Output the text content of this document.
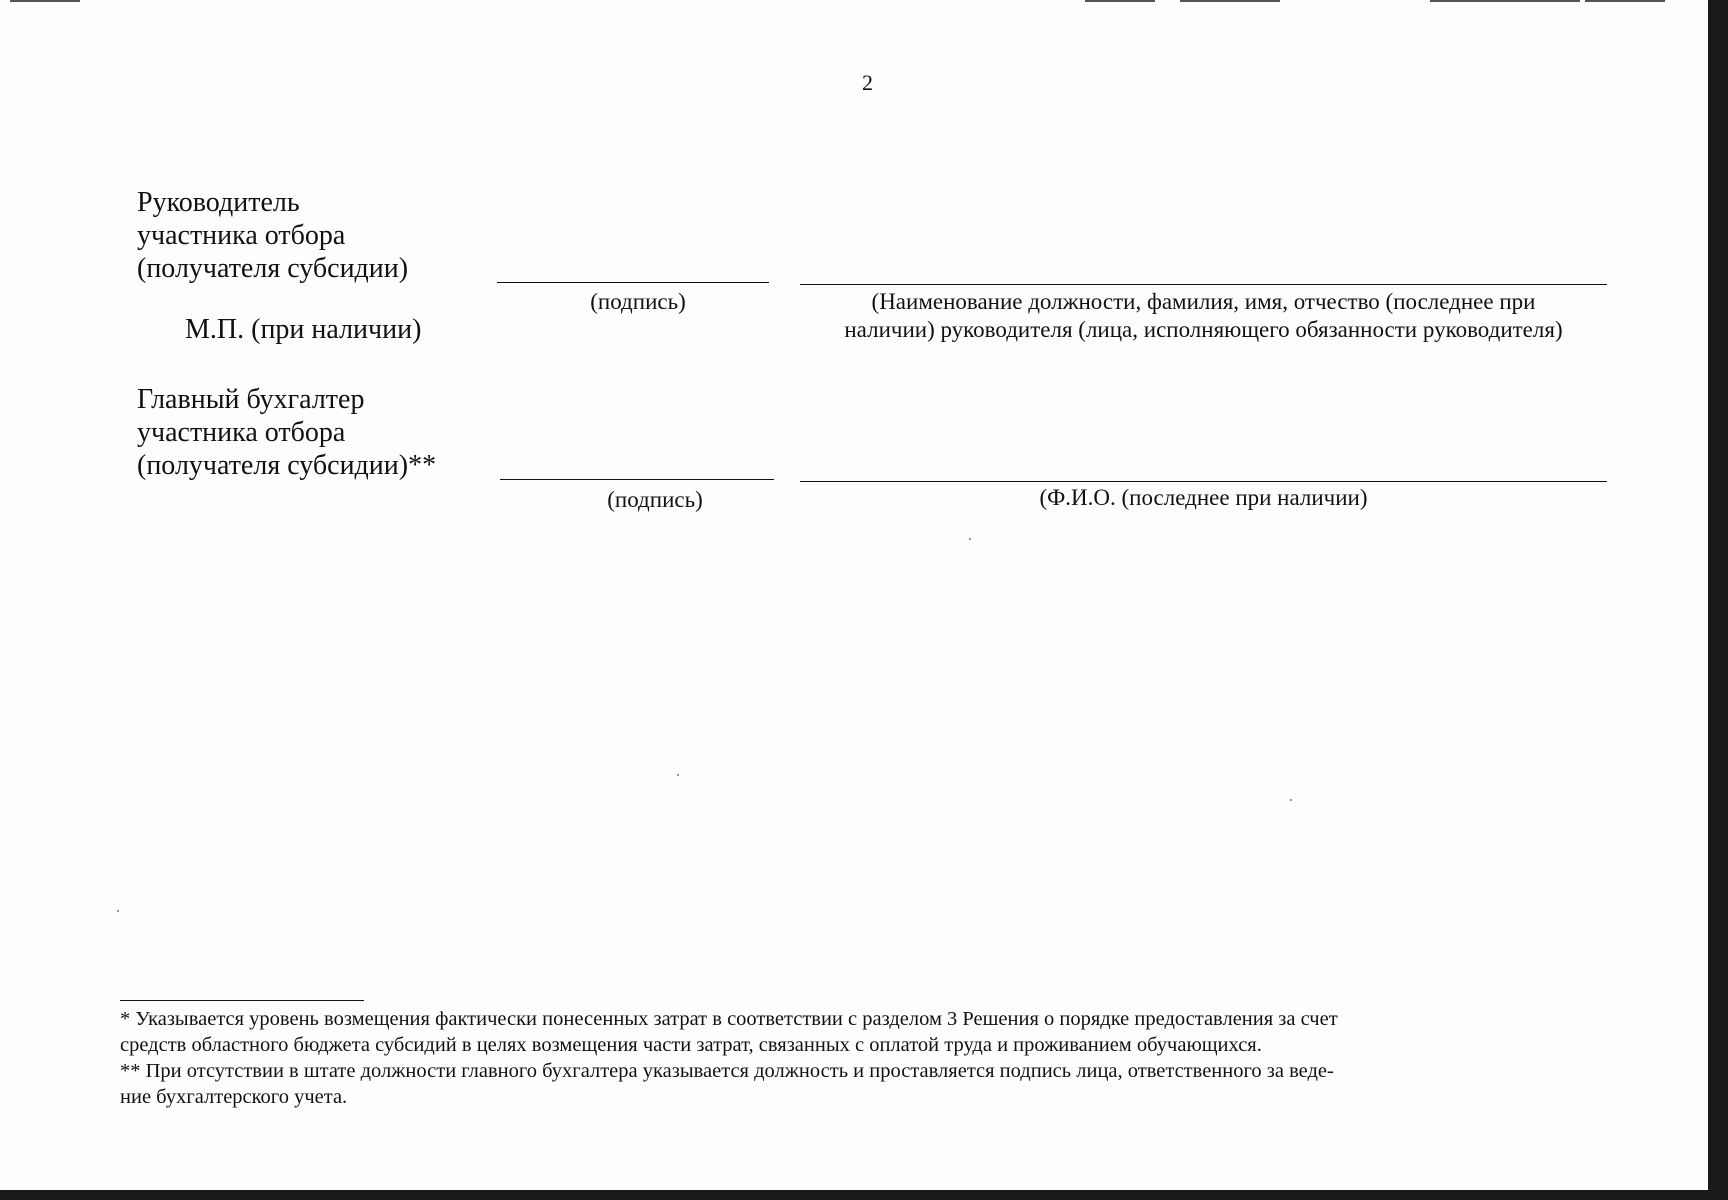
2
Руководитель
участника отбора
(получателя субсидии)
(подпись)	(Наименование должности, фамилия, имя, отчество (последнее при
наличии) руководителя (лица, исполняющего обязанности руководителя)
М.П. (при наличии)
Главный бухгалтер
участника отбора
(получателя субсидии)**
(подпись)	(Ф.И.О. (последнее при наличии)
* Указывается уровень возмещения фактически понесенных затрат в соответствии с разделом 3 Решения о порядке предоставления за счет
средств областного бюджета субсидий в целях возмещения части затрат, связанных с оплатой труда и проживанием обучающихся.
** При отсутствии в штате должности главного бухгалтера указывается должность и проставляется подпись лица, ответственного за веде-
ние бухгалтерского учета.
